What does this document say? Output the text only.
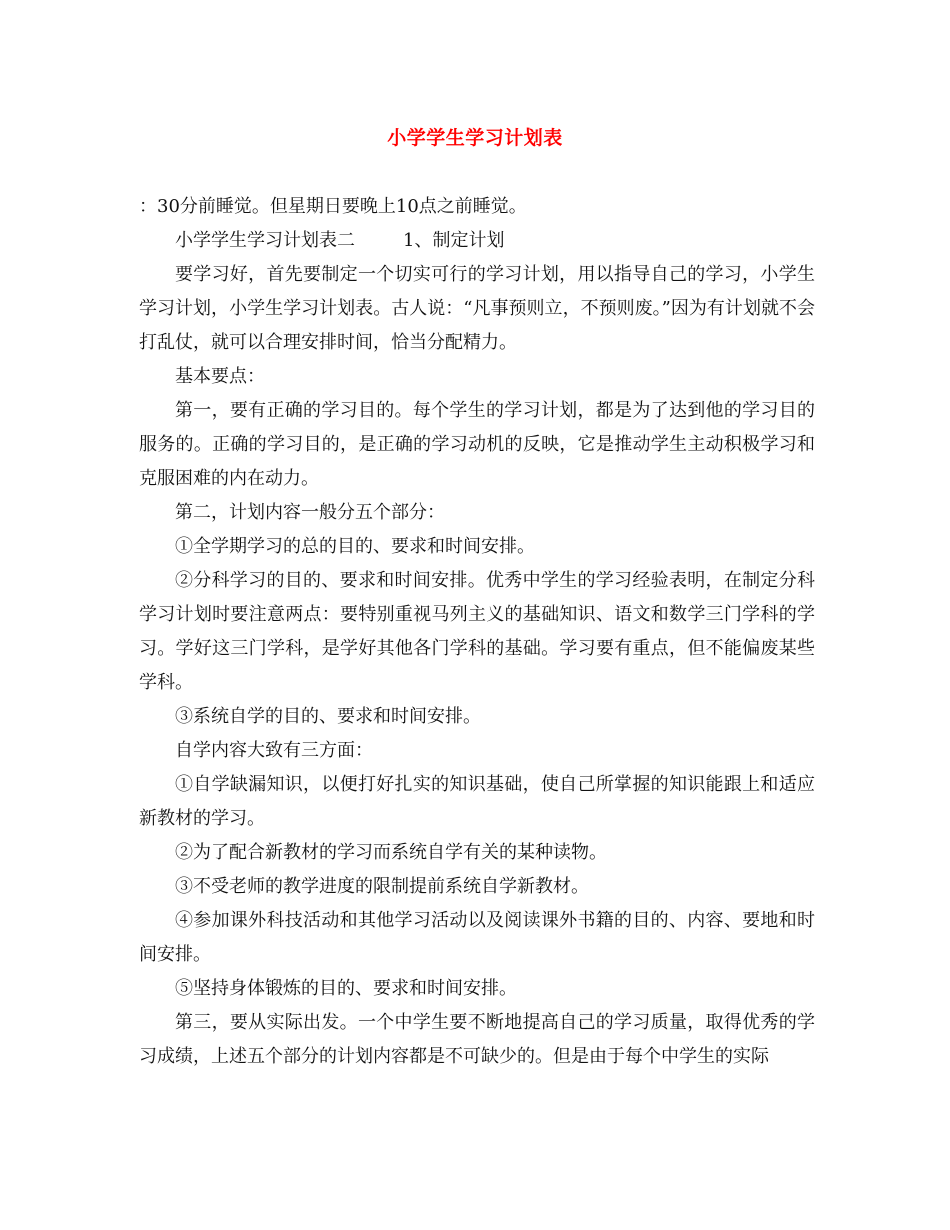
小学学生学习计划表

：30分前睡觉。但星期日要晚上10点之前睡觉。

小学学生学习计划表二	1、制定计划

要学习好，首先要制定一个切实可行的学习计划，用以指导自己的学习，小学生学习计划，小学生学习计划表。古人说：“凡事预则立，不预则废。”因为有计划就不会打乱仗，就可以合理安排时间，恰当分配精力。

基本要点：

第一，要有正确的学习目的。每个学生的学习计划，都是为了达到他的学习目的服务的。正确的学习目的，是正确的学习动机的反映，它是推动学生主动积极学习和克服困难的内在动力。

第二，计划内容一般分五个部分：

①全学期学习的总的目的、要求和时间安排。

②分科学习的目的、要求和时间安排。优秀中学生的学习经验表明，在制定分科学习计划时要注意两点：要特别重视马列主义的基础知识、语文和数学三门学科的学习。学好这三门学科，是学好其他各门学科的基础。学习要有重点，但不能偏废某些学科。

③系统自学的目的、要求和时间安排。

自学内容大致有三方面：

①自学缺漏知识，以便打好扎实的知识基础，使自己所掌握的知识能跟上和适应新教材的学习。

②为了配合新教材的学习而系统自学有关的某种读物。

③不受老师的教学进度的限制提前系统自学新教材。

④参加课外科技活动和其他学习活动以及阅读课外书籍的目的、内容、要地和时间安排。

⑤坚持身体锻炼的目的、要求和时间安排。

第三，要从实际出发。一个中学生要不断地提高自己的学习质量，取得优秀的学习成绩，上述五个部分的计划内容都是不可缺少的。但是由于每个中学生的实际
